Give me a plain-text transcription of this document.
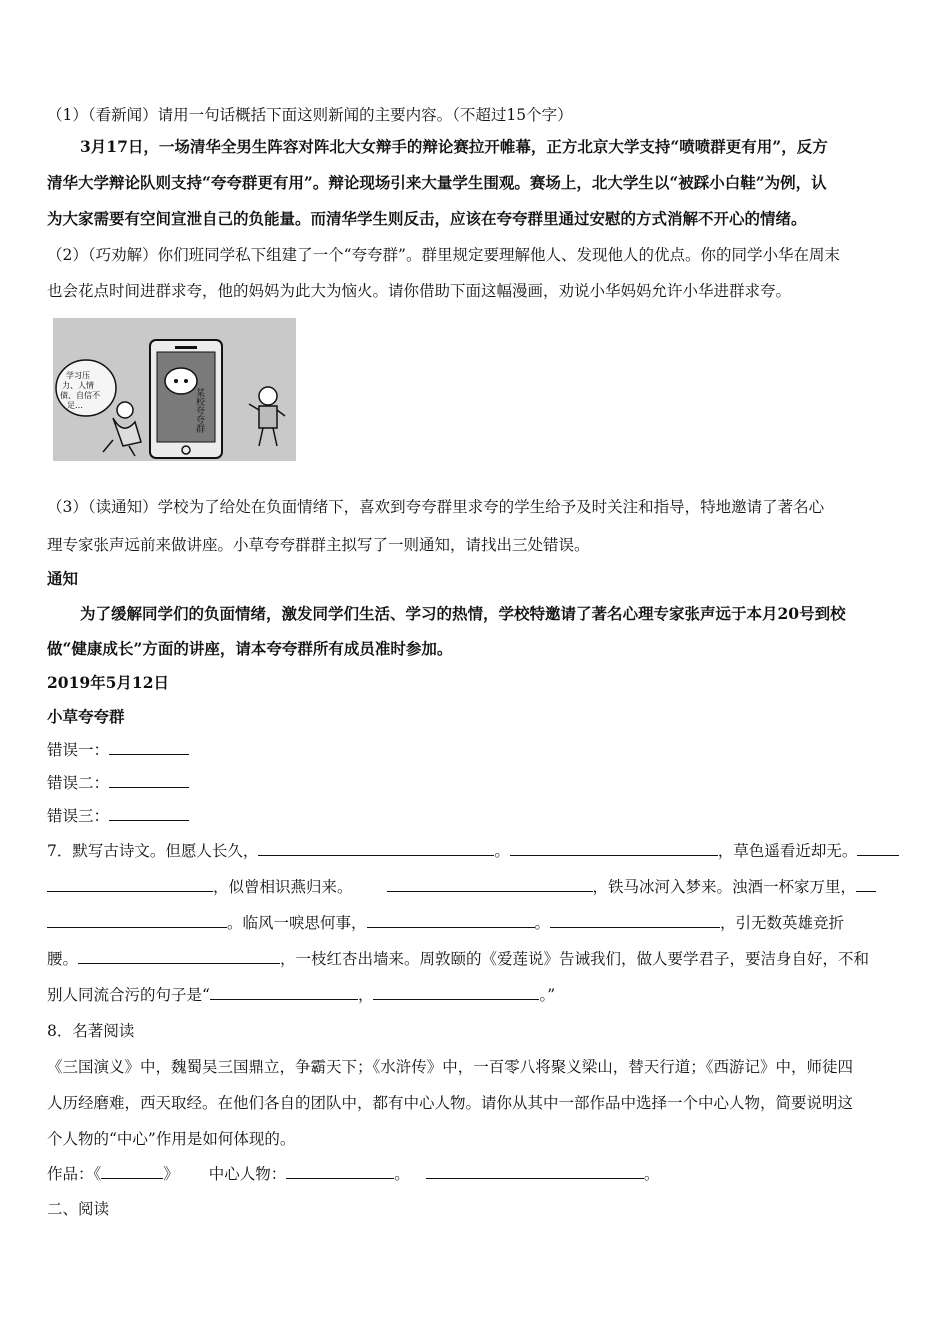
（1）（看新闻）请用一句话概括下面这则新闻的主要内容。（不超过15个字）
3月17日，一场清华全男生阵容对阵北大女辩手的辩论赛拉开帷幕，正方北京大学支持“喷喷群更有用”，反方
清华大学辩论队则支持“夸夸群更有用”。辩论现场引来大量学生围观。赛场上，北大学生以“被踩小白鞋”为例，认
为大家需要有空间宣泄自己的负能量。而清华学生则反击，应该在夸夸群里通过安慰的方式消解不开心的情绪。
（2）（巧劝解）你们班同学私下组建了一个“夸夸群”。群里规定要理解他人、发现他人的优点。你的同学小华在周末
也会花点时间进群求夸，他的妈妈为此大为恼火。请你借助下面这幅漫画，劝说小华妈妈允许小华进群求夸。
某校夸夸群
学习压
力、人情
债、自信不
足…
（3）（读通知）学校为了给处在负面情绪下，喜欢到夸夸群里求夸的学生给予及时关注和指导，特地邀请了著名心
理专家张声远前来做讲座。小草夸夸群群主拟写了一则通知，请找出三处错误。
通知
为了缓解同学们的负面情绪，激发同学们生活、学习的热情，学校特邀请了著名心理专家张声远于本月20号到校
做“健康成长”方面的讲座，请本夸夸群所有成员准时参加。
2019年5月12日
小草夸夸群
错误一：
错误二：
错误三：
7．默写古诗文。但愿人长久，	。	，草色遥看近却无。
，似曾相识燕归来。	，铁马冰河入梦来。浊酒一杯家万里，
。临风一唳思何事，	。	，引无数英雄竞折
腰。	，一枝红杏出墙来。周敦颐的《爱莲说》告诫我们，做人要学君子，要洁身自好，不和
别人同流合污的句子是“	，	。”
8．名著阅读
《三国演义》中，魏蜀吴三国鼎立，争霸天下；《水浒传》中，一百零八将聚义梁山，替天行道；《西游记》中，师徒四
人历经磨难，西天取经。在他们各自的团队中，都有中心人物。请你从其中一部作品中选择一个中心人物，简要说明这
个人物的“中心”作用是如何体现的。
作品：《	》 中心人物：	。	。
二、阅读
